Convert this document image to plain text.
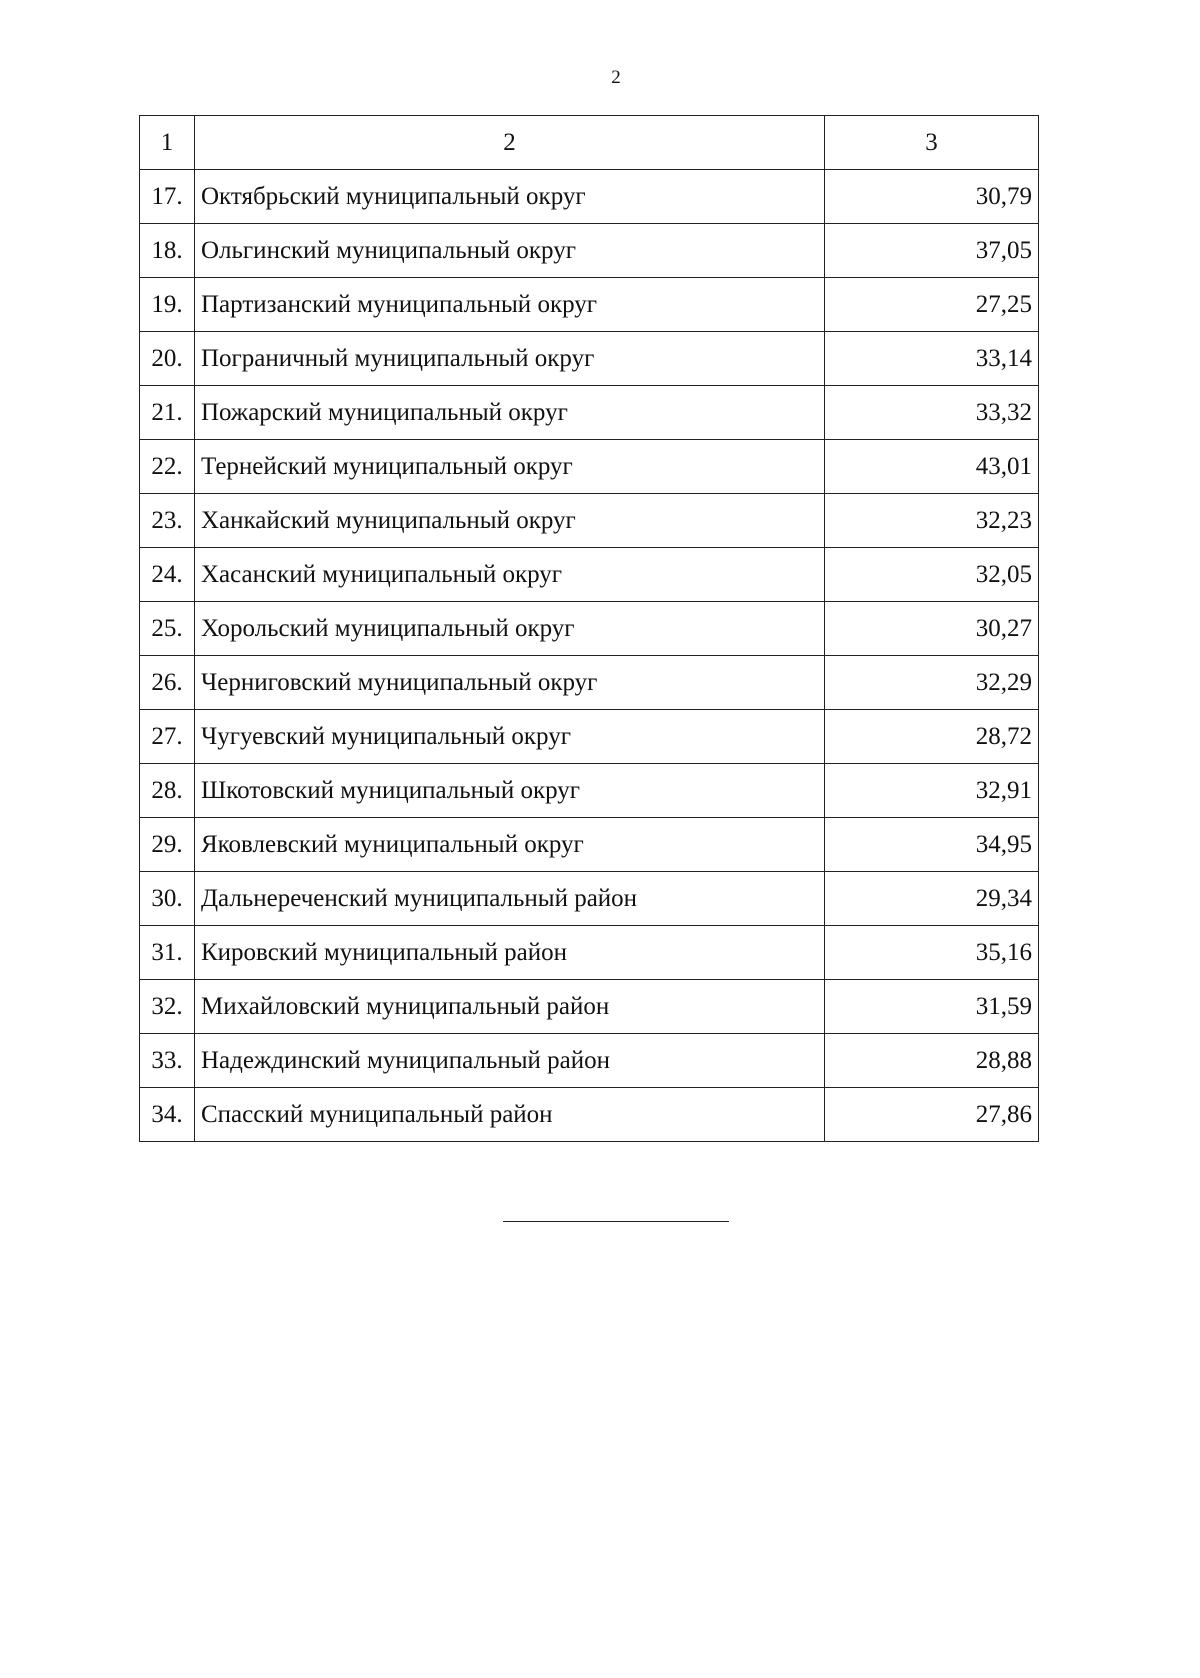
2
1	2	3
17.	Октябрьский муниципальный округ	30,79
18.	Ольгинский муниципальный округ	37,05
19.	Партизанский муниципальный округ	27,25
20.	Пограничный муниципальный округ	33,14
21.	Пожарский муниципальный округ	33,32
22.	Тернейский муниципальный округ	43,01
23.	Ханкайский муниципальный округ	32,23
24.	Хасанский муниципальный округ	32,05
25.	Хорольский муниципальный округ	30,27
26.	Черниговский муниципальный округ	32,29
27.	Чугуевский муниципальный округ	28,72
28.	Шкотовский муниципальный округ	32,91
29.	Яковлевский муниципальный округ	34,95
30.	Дальнереченский муниципальный район	29,34
31.	Кировский муниципальный район	35,16
32.	Михайловский муниципальный район	31,59
33.	Надеждинский муниципальный район	28,88
34.	Спасский муниципальный район	27,86
